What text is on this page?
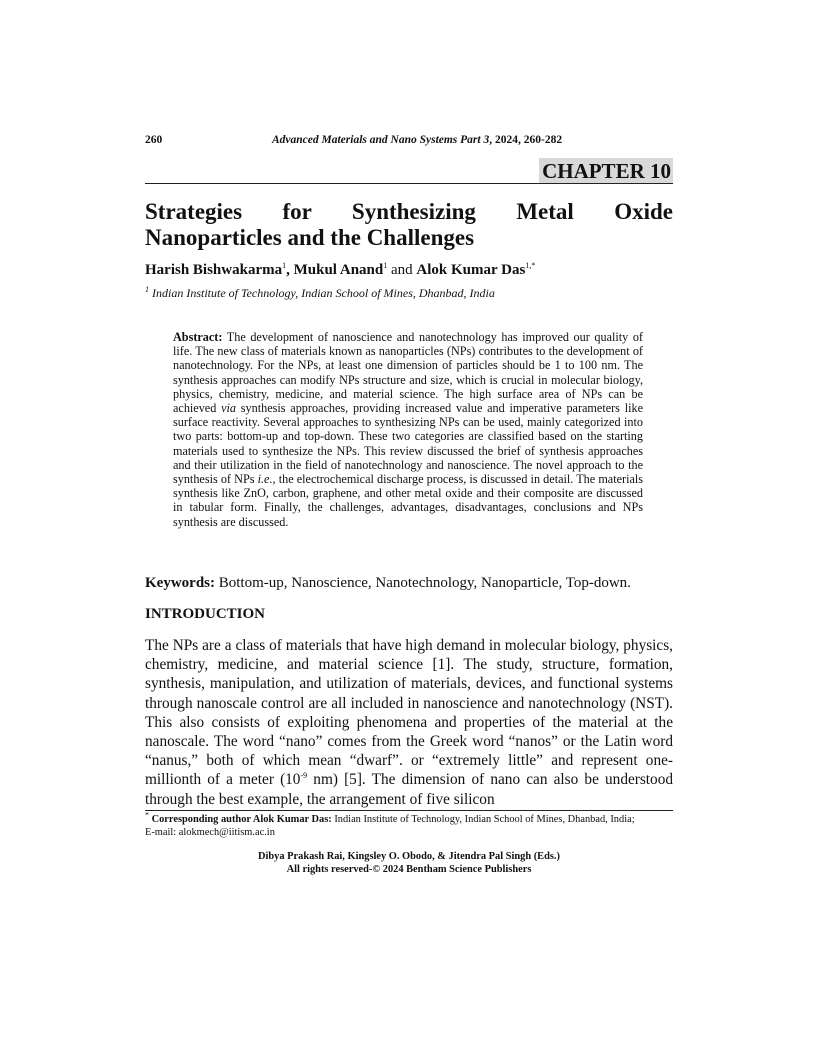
260	Advanced Materials and Nano Systems Part 3, 2024, 260-282
CHAPTER 10
Strategies for Synthesizing Metal Oxide
Nanoparticles and the Challenges
Harish Bishwakarma$^1$, Mukul Anand$^1$ and Alok Kumar Das$^{1,*}$
$^1$ Indian Institute of Technology, Indian School of Mines, Dhanbad, India
Abstract: The development of nanoscience and nanotechnology has improved our quality of life. The new class of materials known as nanoparticles (NPs) contributes to the development of nanotechnology. For the NPs, at least one dimension of particles should be 1 to 100 nm. The synthesis approaches can modify NPs structure and size, which is crucial in molecular biology, physics, chemistry, medicine, and material science. The high surface area of NPs can be achieved via synthesis approaches, providing increased value and imperative parameters like surface reactivity. Several approaches to synthesizing NPs can be used, mainly categorized into two parts: bottom-up and top-down. These two categories are classified based on the starting materials used to synthesize the NPs. This review discussed the brief of synthesis approaches and their utilization in the field of nanotechnology and nanoscience. The novel approach to the synthesis of NPs i.e., the electrochemical discharge process, is discussed in detail. The materials synthesis like ZnO, carbon, graphene, and other metal oxide and their composite are discussed in tabular form. Finally, the challenges, advantages, disadvantages, conclusions and NPs synthesis are discussed.
Keywords: Bottom-up, Nanoscience, Nanotechnology, Nanoparticle, Top-down.
INTRODUCTION
The NPs are a class of materials that have high demand in molecular biology, physics, chemistry, medicine, and material science [1]. The study, structure, formation, synthesis, manipulation, and utilization of materials, devices, and functional systems through nanoscale control are all included in nanoscience and nanotechnology (NST). This also consists of exploiting phenomena and properties of the material at the nanoscale. The word “nano” comes from the Greek word “nanos” or the Latin word “nanus,” both of which mean “dwarf”. or “extremely little” and represent one-millionth of a meter ($10^{-9}$ nm) [5]. The dimension of nano can also be understood through the best example, the arrangement of five silicon
* Corresponding author Alok Kumar Das: Indian Institute of Technology, Indian School of Mines, Dhanbad, India;
E-mail: alokmech@iitism.ac.in
Dibya Prakash Rai, Kingsley O. Obodo, & Jitendra Pal Singh (Eds.)
All rights reserved-© 2024 Bentham Science Publishers
